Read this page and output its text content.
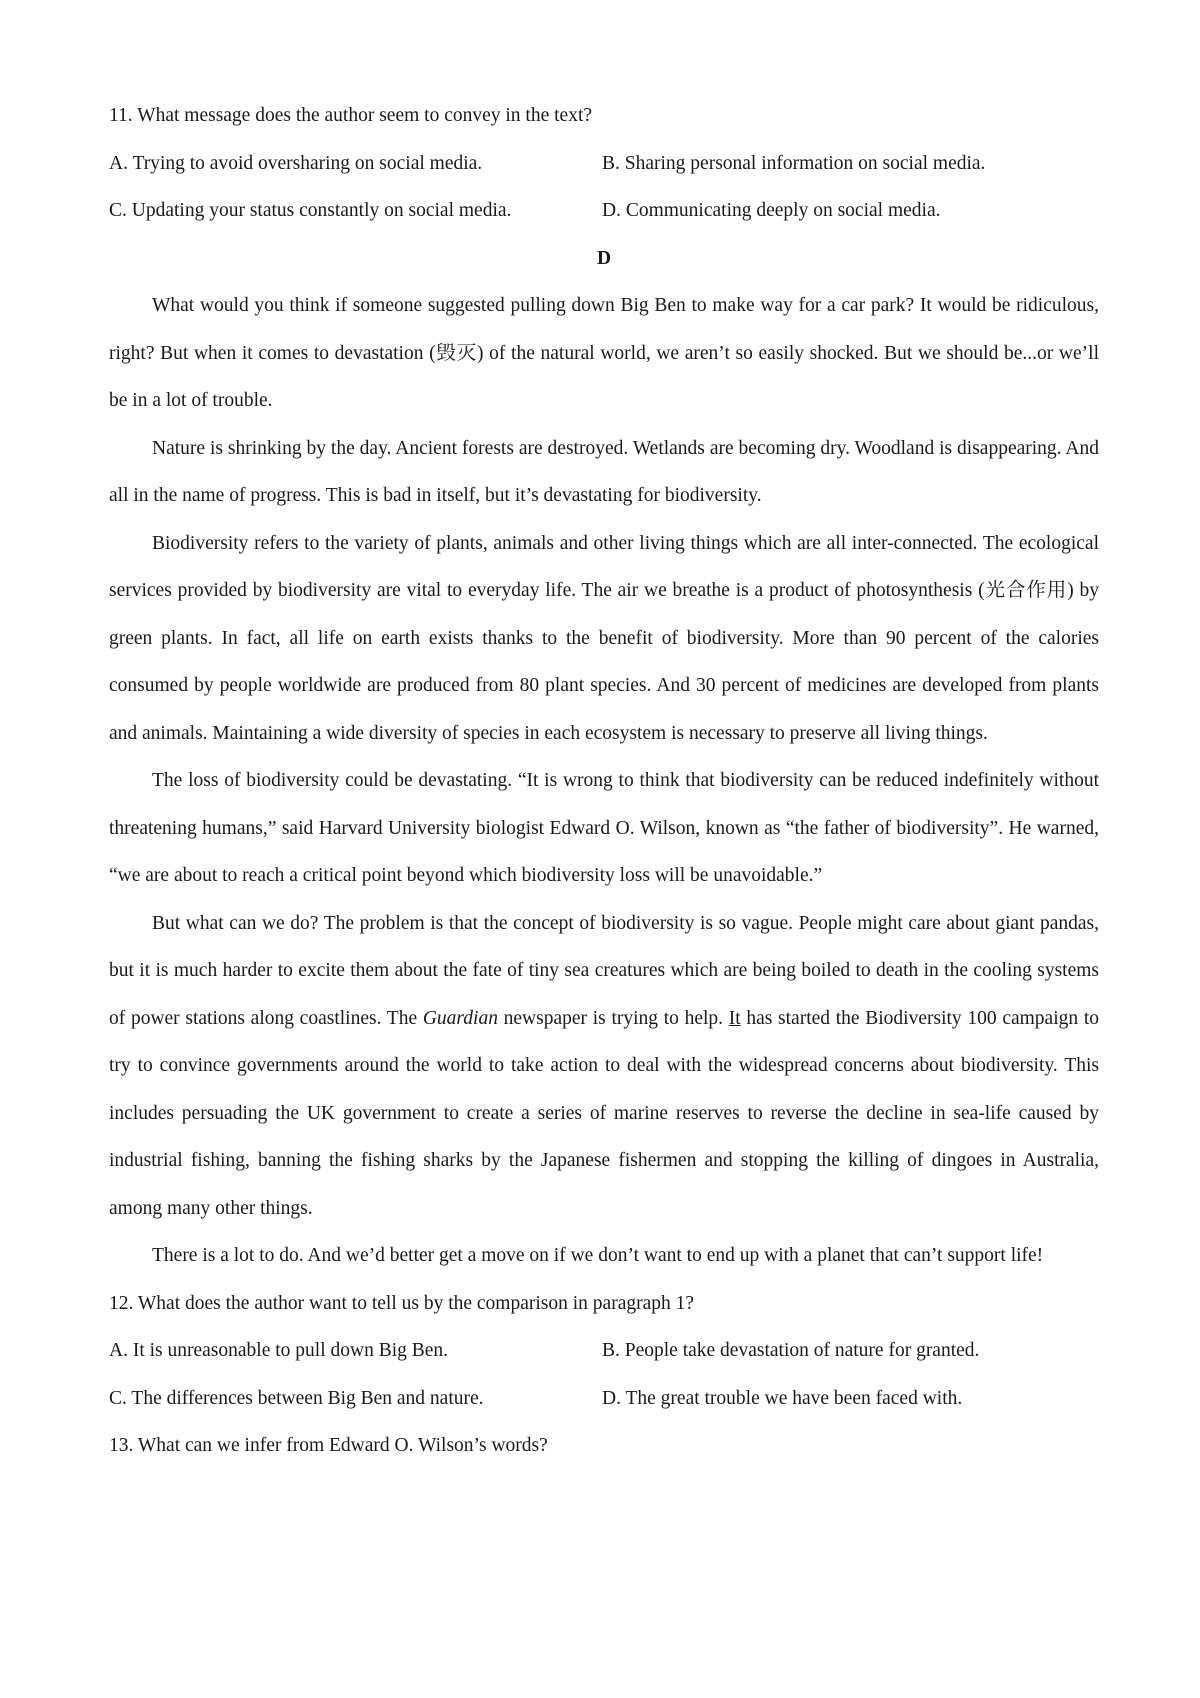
11. What message does the author seem to convey in the text?

A. Trying to avoid oversharing on social media.	B. Sharing personal information on social media.
C. Updating your status constantly on social media.	D. Communicating deeply on social media.

D

What would you think if someone suggested pulling down Big Ben to make way for a car park? It would be ridiculous, right? But when it comes to devastation (毁灭) of the natural world, we aren’t so easily shocked. But we should be...or we’ll be in a lot of trouble.

Nature is shrinking by the day. Ancient forests are destroyed. Wetlands are becoming dry. Woodland is disappearing. And all in the name of progress. This is bad in itself, but it’s devastating for biodiversity.

Biodiversity refers to the variety of plants, animals and other living things which are all inter-connected. The ecological services provided by biodiversity are vital to everyday life. The air we breathe is a product of photosynthesis (光合作用) by green plants. In fact, all life on earth exists thanks to the benefit of biodiversity. More than 90 percent of the calories consumed by people worldwide are produced from 80 plant species. And 30 percent of medicines are developed from plants and animals. Maintaining a wide diversity of species in each ecosystem is necessary to preserve all living things.

The loss of biodiversity could be devastating. “It is wrong to think that biodiversity can be reduced indefinitely without threatening humans,” said Harvard University biologist Edward O. Wilson, known as “the father of biodiversity”. He warned, “we are about to reach a critical point beyond which biodiversity loss will be unavoidable.”

But what can we do? The problem is that the concept of biodiversity is so vague. People might care about giant pandas, but it is much harder to excite them about the fate of tiny sea creatures which are being boiled to death in the cooling systems of power stations along coastlines. The Guardian newspaper is trying to help. It has started the Biodiversity 100 campaign to try to convince governments around the world to take action to deal with the widespread concerns about biodiversity. This includes persuading the UK government to create a series of marine reserves to reverse the decline in sea-life caused by industrial fishing, banning the fishing sharks by the Japanese fishermen and stopping the killing of dingoes in Australia, among many other things.

There is a lot to do. And we’d better get a move on if we don’t want to end up with a planet that can’t support life!

12. What does the author want to tell us by the comparison in paragraph 1?

A. It is unreasonable to pull down Big Ben.	B. People take devastation of nature for granted.
C. The differences between Big Ben and nature.	D. The great trouble we have been faced with.

13. What can we infer from Edward O. Wilson’s words?
